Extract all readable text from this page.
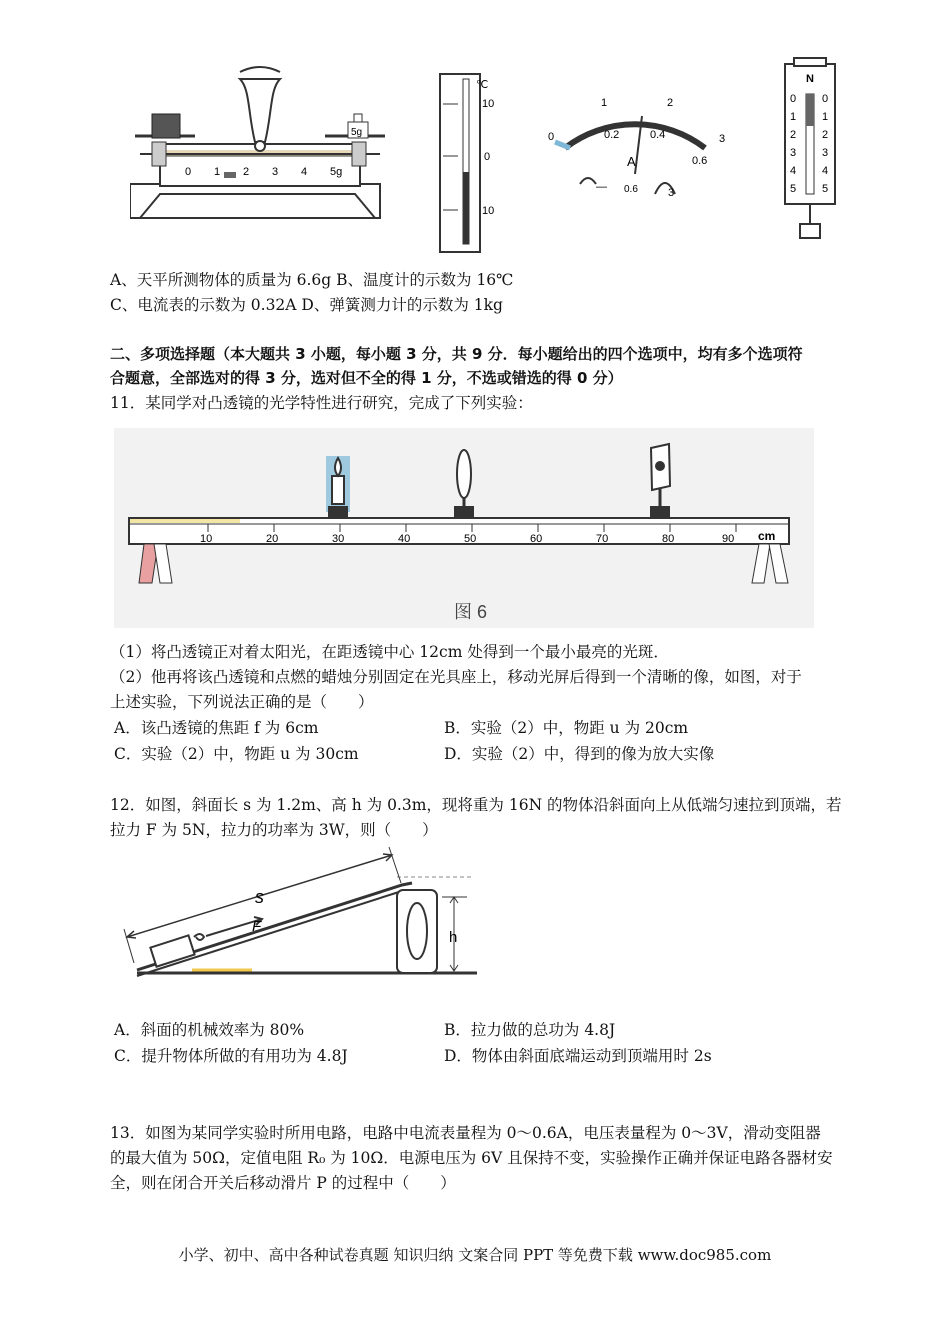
5g
0 1 2 3 4 5g
℃
10
0
10
0
1	2
3
0.2	0.4
0.6
A
— 0.6	3
N
0
1
2
3
4
5
0
1
2
3
4
5
A、天平所测物体的质量为 6.6g B、温度计的示数为 16℃
C、电流表的示数为 0.32A D、弹簧测力计的示数为 1kg
二、多项选择题（本大题共 3 小题，每小题 3 分，共 9 分．每小题给出的四个选项中，均有多个选项符
合题意，全部选对的得 3 分，选对但不全的得 1 分，不选或错选的得 0 分）
11．某同学对凸透镜的光学特性进行研究，完成了下列实验：
10	20	30	40	50	60	70	80	90 cm
图 6
（1）将凸透镜正对着太阳光，在距透镜中心 12cm 处得到一个最小最亮的光斑．
（2）他再将该凸透镜和点燃的蜡烛分别固定在光具座上，移动光屏后得到一个清晰的像，如图，对于
上述实验，下列说法正确的是（　　）
A．该凸透镜的焦距 f 为 6cm	B．实验（2）中，物距 u 为 20cm
C．实验（2）中，物距 u 为 30cm	D．实验（2）中，得到的像为放大实像
12．如图，斜面长 s 为 1.2m、高 h 为 0.3m，现将重为 16N 的物体沿斜面向上从低端匀速拉到顶端，若
拉力 F 为 5N，拉力的功率为 3W，则（　　）
h
s
F
A．斜面的机械效率为 80%	B．拉力做的总功为 4.8J
C．提升物体所做的有用功为 4.8J	D．物体由斜面底端运动到顶端用时 2s
13．如图为某同学实验时所用电路，电路中电流表量程为 0～0.6A，电压表量程为 0～3V，滑动变阻器
的最大值为 50Ω，定值电阻 R₀ 为 10Ω．电源电压为 6V 且保持不变，实验操作正确并保证电路各器材安
全，则在闭合开关后移动滑片 P 的过程中（　　）
小学、初中、高中各种试卷真题 知识归纳 文案合同 PPT 等免费下载 www.doc985.com
